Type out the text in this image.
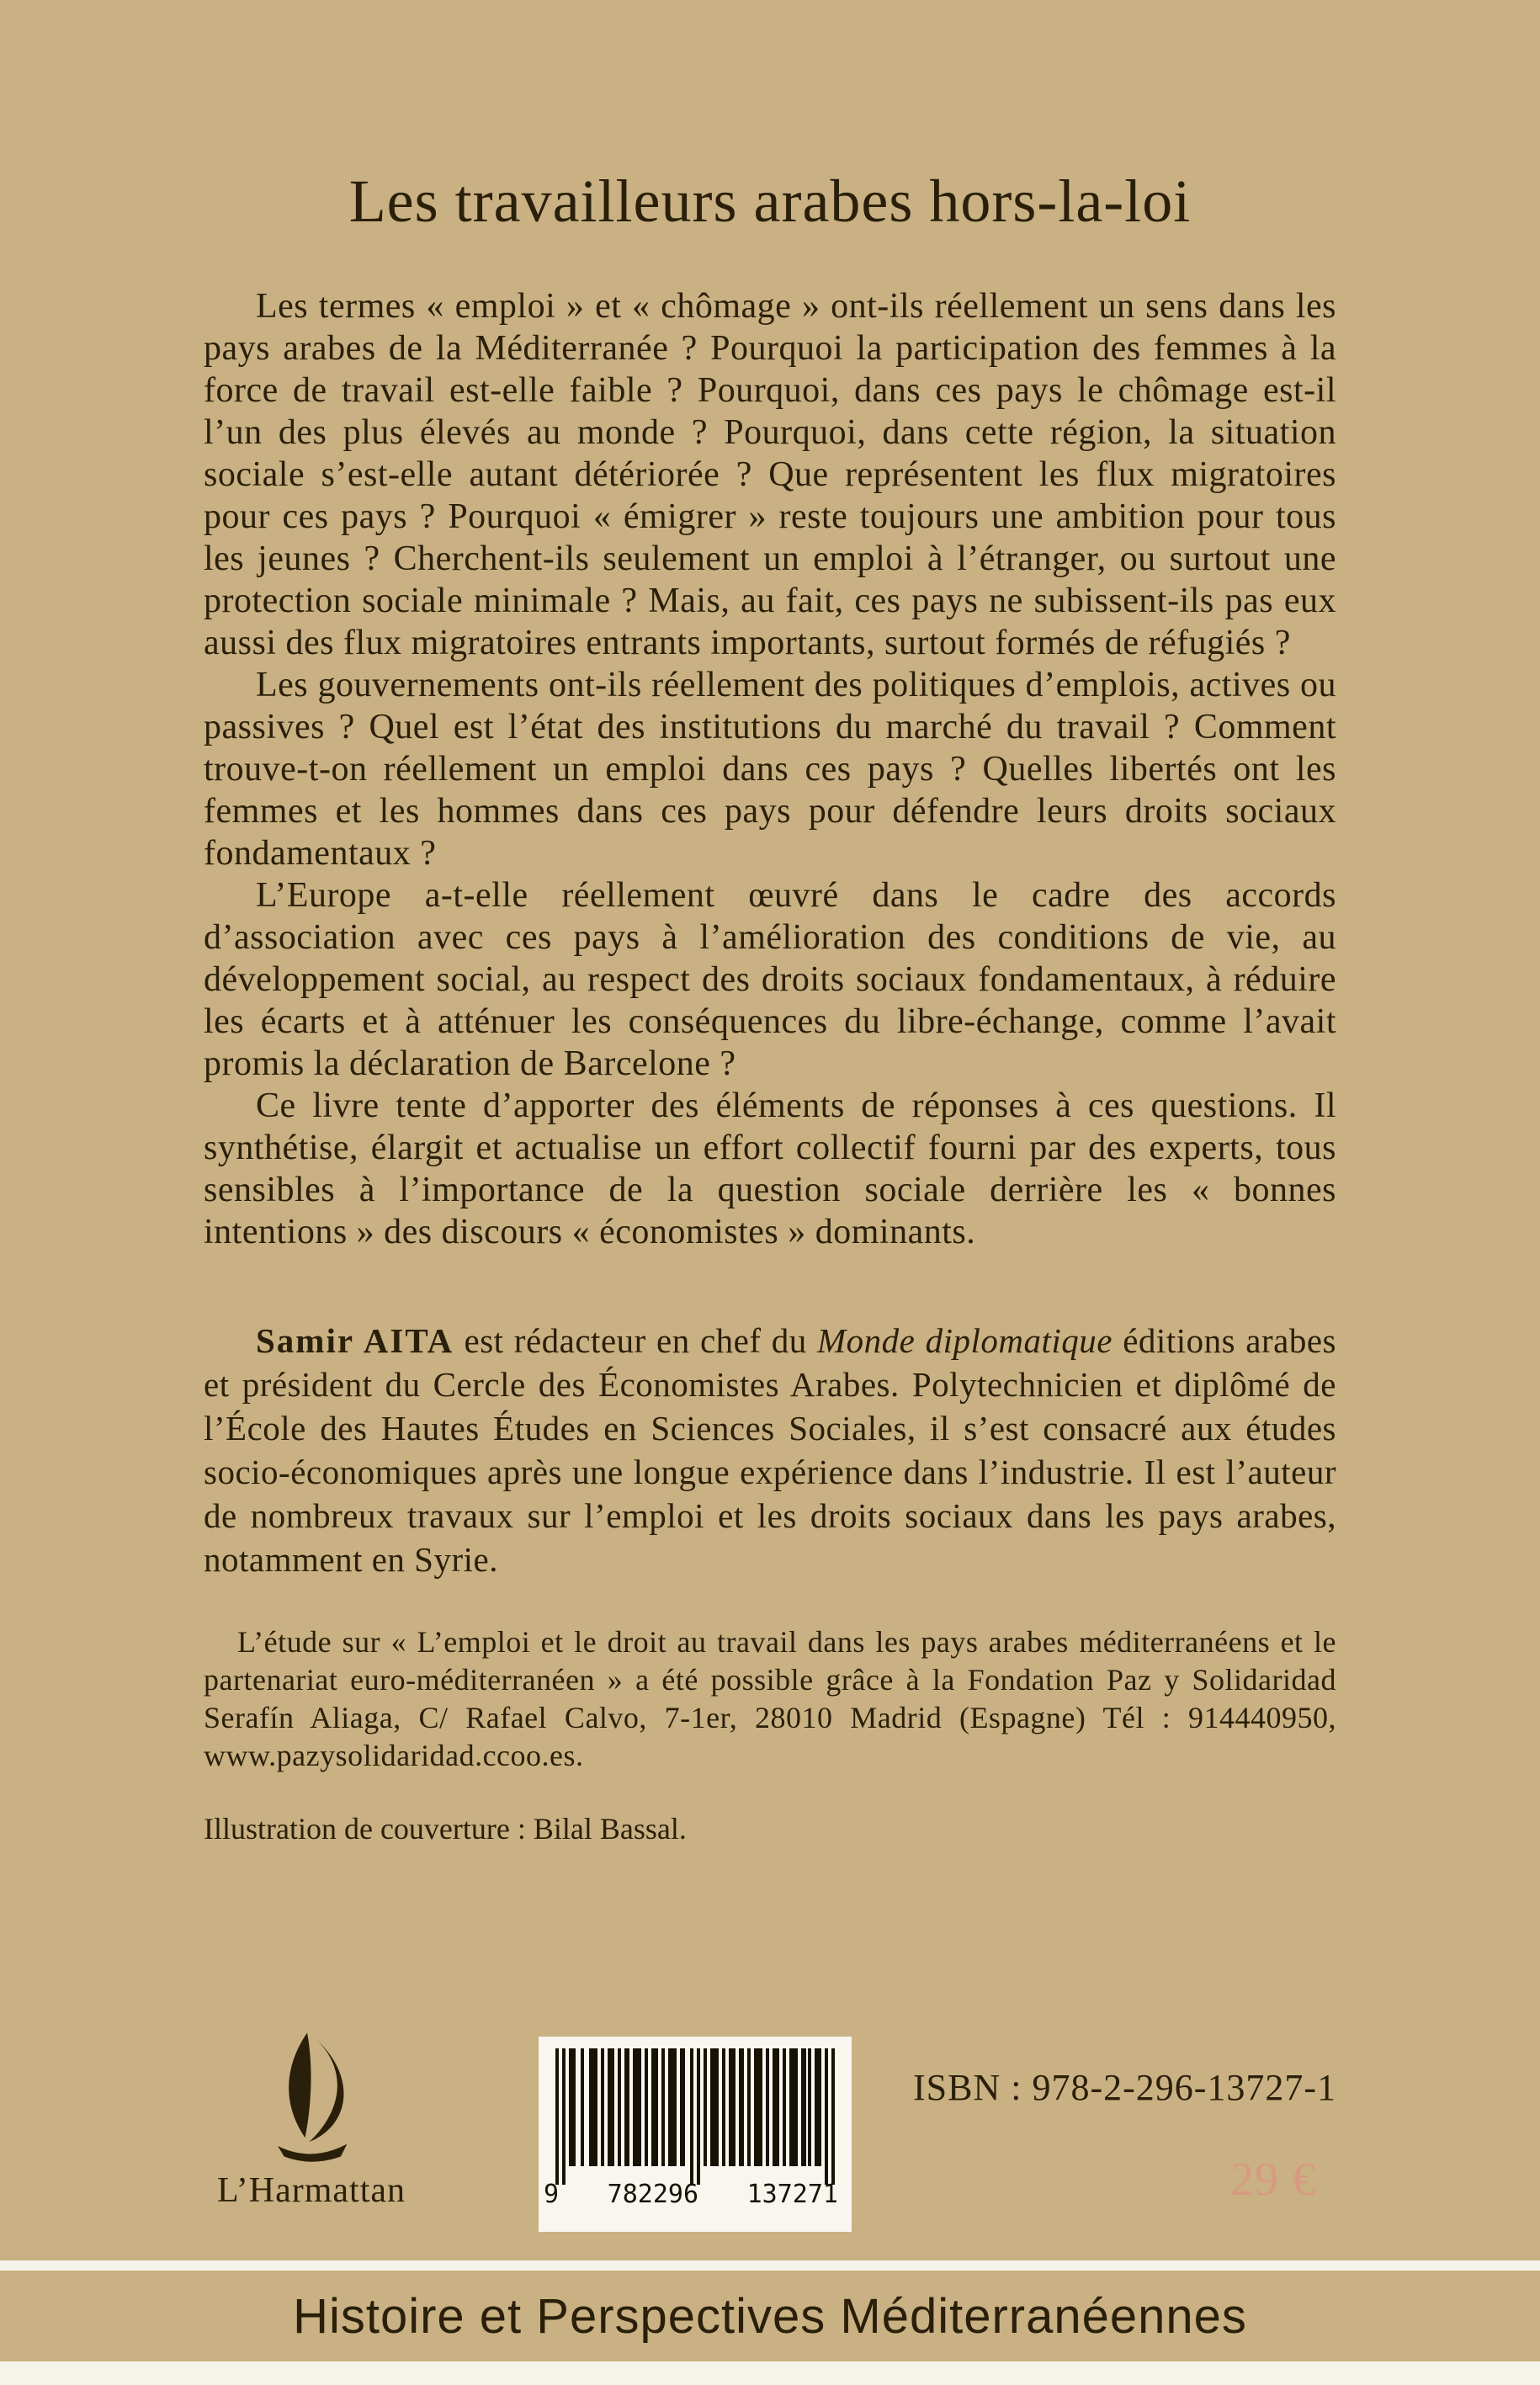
Les travailleurs arabes hors-la-loi

Les termes « emploi » et « chômage » ont-ils réellement un sens dans les pays arabes de la Méditerranée ? Pourquoi la participation des femmes à la force de travail est-elle faible ? Pourquoi, dans ces pays le chômage est-il l’un des plus élevés au monde ? Pourquoi, dans cette région, la situation sociale s’est-elle autant détériorée ? Que représentent les flux migratoires pour ces pays ? Pourquoi « émigrer » reste toujours une ambition pour tous les jeunes ? Cherchent-ils seulement un emploi à l’étranger, ou surtout une protection sociale minimale ? Mais, au fait, ces pays ne subissent-ils pas eux aussi des flux migratoires entrants importants, surtout formés de réfugiés ?

Les gouvernements ont-ils réellement des politiques d’emplois, actives ou passives ? Quel est l’état des institutions du marché du travail ? Comment trouve-t-on réellement un emploi dans ces pays ? Quelles libertés ont les femmes et les hommes dans ces pays pour défendre leurs droits sociaux fondamentaux ?

L’Europe a-t-elle réellement œuvré dans le cadre des accords d’association avec ces pays à l’amélioration des conditions de vie, au développement social, au respect des droits sociaux fondamentaux, à réduire les écarts et à atténuer les conséquences du libre-échange, comme l’avait promis la déclaration de Barcelone ?

Ce livre tente d’apporter des éléments de réponses à ces questions. Il synthétise, élargit et actualise un effort collectif fourni par des experts, tous sensibles à l’importance de la question sociale derrière les « bonnes intentions » des discours « économistes » dominants.

Samir AITA est rédacteur en chef du Monde diplomatique éditions arabes et président du Cercle des Économistes Arabes. Polytechnicien et diplômé de l’École des Hautes Études en Sciences Sociales, il s’est consacré aux études socio-économiques après une longue expérience dans l’industrie. Il est l’auteur de nombreux travaux sur l’emploi et les droits sociaux dans les pays arabes, notamment en Syrie.

L’étude sur « L’emploi et le droit au travail dans les pays arabes méditerranéens et le partenariat euro-méditerranéen » a été possible grâce à la Fondation Paz y Solidaridad Serafín Aliaga, C/ Rafael Calvo, 7-1er, 28010 Madrid (Espagne) Tél : 914440950, www.pazysolidaridad.ccoo.es.

Illustration de couverture : Bilal Bassal.

L’Harmattan	9 782296 137271
ISBN : 978-2-296-13727-1
29 €
Histoire et Perspectives Méditerranéennes
